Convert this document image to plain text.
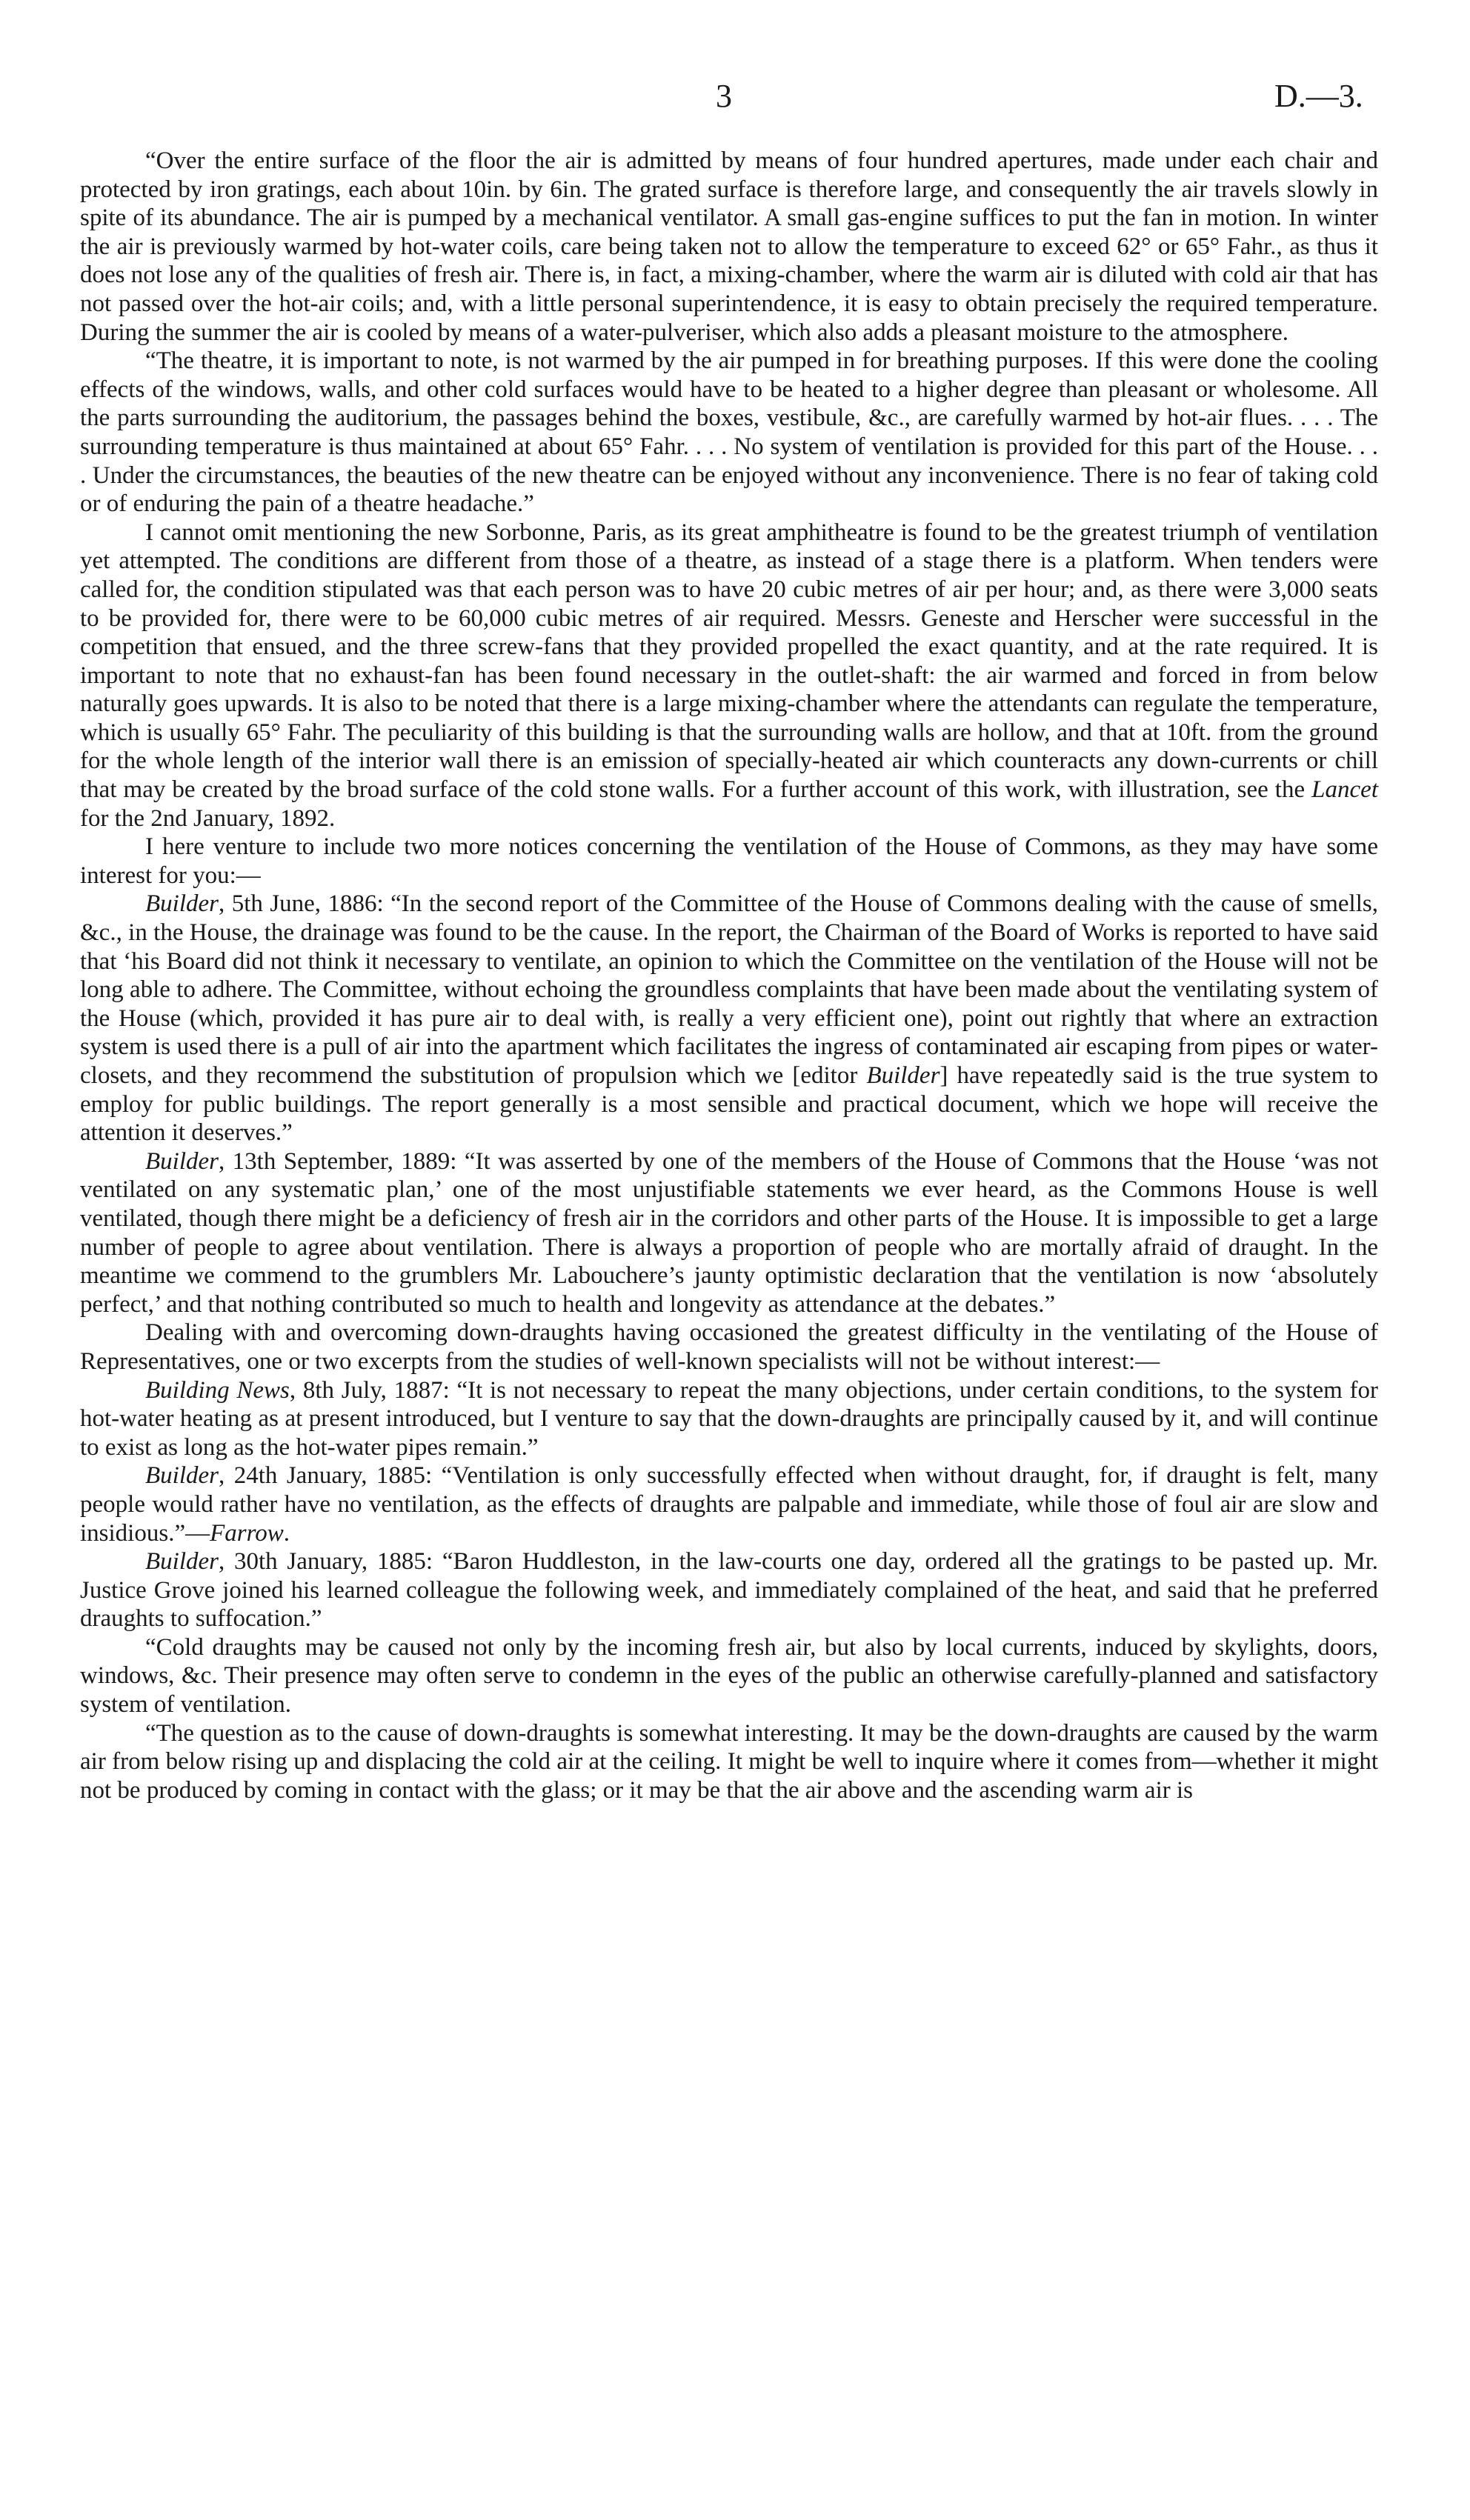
3	D.—3.

“Over the entire surface of the floor the air is admitted by means of four hundred apertures, made under each chair and protected by iron gratings, each about 10in. by 6in. The grated surface is therefore large, and consequently the air travels slowly in spite of its abundance. The air is pumped by a mechanical ventilator. A small gas-engine suffices to put the fan in motion. In winter the air is previously warmed by hot-water coils, care being taken not to allow the temperature to exceed 62° or 65° Fahr., as thus it does not lose any of the qualities of fresh air. There is, in fact, a mixing-chamber, where the warm air is diluted with cold air that has not passed over the hot-air coils; and, with a little personal superintendence, it is easy to obtain precisely the required temperature. During the summer the air is cooled by means of a water-pulveriser, which also adds a pleasant moisture to the atmosphere.

“The theatre, it is important to note, is not warmed by the air pumped in for breathing purposes. If this were done the cooling effects of the windows, walls, and other cold surfaces would have to be heated to a higher degree than pleasant or wholesome. All the parts surrounding the auditorium, the passages behind the boxes, vestibule, &c., are carefully warmed by hot-air flues. . . . The surrounding temperature is thus maintained at about 65° Fahr. . . . No system of ventilation is provided for this part of the House. . . . Under the circumstances, the beauties of the new theatre can be enjoyed without any inconvenience. There is no fear of taking cold or of enduring the pain of a theatre headache.”

I cannot omit mentioning the new Sorbonne, Paris, as its great amphitheatre is found to be the greatest triumph of ventilation yet attempted. The conditions are different from those of a theatre, as instead of a stage there is a platform. When tenders were called for, the condition stipulated was that each person was to have 20 cubic metres of air per hour; and, as there were 3,000 seats to be provided for, there were to be 60,000 cubic metres of air required. Messrs. Geneste and Herscher were successful in the competition that ensued, and the three screw-fans that they provided propelled the exact quantity, and at the rate required. It is important to note that no exhaust-fan has been found necessary in the outlet-shaft: the air warmed and forced in from below naturally goes upwards. It is also to be noted that there is a large mixing-chamber where the attendants can regulate the temperature, which is usually 65° Fahr. The peculiarity of this building is that the surrounding walls are hollow, and that at 10ft. from the ground for the whole length of the interior wall there is an emission of specially-heated air which counteracts any down-currents or chill that may be created by the broad surface of the cold stone walls. For a further account of this work, with illustration, see the Lancet for the 2nd January, 1892.

I here venture to include two more notices concerning the ventilation of the House of Commons, as they may have some interest for you:—

Builder, 5th June, 1886: “In the second report of the Committee of the House of Commons dealing with the cause of smells, &c., in the House, the drainage was found to be the cause. In the report, the Chairman of the Board of Works is reported to have said that ‘his Board did not think it necessary to ventilate, an opinion to which the Committee on the ventilation of the House will not be long able to adhere. The Committee, without echoing the groundless complaints that have been made about the ventilating system of the House (which, provided it has pure air to deal with, is really a very efficient one), point out rightly that where an extraction system is used there is a pull of air into the apartment which facilitates the ingress of contaminated air escaping from pipes or water-closets, and they recommend the substitution of propulsion which we [editor Builder] have repeatedly said is the true system to employ for public buildings. The report generally is a most sensible and practical document, which we hope will receive the attention it deserves.”

Builder, 13th September, 1889: “It was asserted by one of the members of the House of Commons that the House ‘was not ventilated on any systematic plan,’ one of the most unjustifiable statements we ever heard, as the Commons House is well ventilated, though there might be a deficiency of fresh air in the corridors and other parts of the House. It is impossible to get a large number of people to agree about ventilation. There is always a proportion of people who are mortally afraid of draught. In the meantime we commend to the grumblers Mr. Labouchere’s jaunty optimistic declaration that the ventilation is now ‘absolutely perfect,’ and that nothing contributed so much to health and longevity as attendance at the debates.”

Dealing with and overcoming down-draughts having occasioned the greatest difficulty in the ventilating of the House of Representatives, one or two excerpts from the studies of well-known specialists will not be without interest:—

Building News, 8th July, 1887: “It is not necessary to repeat the many objections, under certain conditions, to the system for hot-water heating as at present introduced, but I venture to say that the down-draughts are principally caused by it, and will continue to exist as long as the hot-water pipes remain.”

Builder, 24th January, 1885: “Ventilation is only successfully effected when without draught, for, if draught is felt, many people would rather have no ventilation, as the effects of draughts are palpable and immediate, while those of foul air are slow and insidious.”—Farrow.

Builder, 30th January, 1885: “Baron Huddleston, in the law-courts one day, ordered all the gratings to be pasted up. Mr. Justice Grove joined his learned colleague the following week, and immediately complained of the heat, and said that he preferred draughts to suffocation.”

“Cold draughts may be caused not only by the incoming fresh air, but also by local currents, induced by skylights, doors, windows, &c. Their presence may often serve to condemn in the eyes of the public an otherwise carefully-planned and satisfactory system of ventilation.

“The question as to the cause of down-draughts is somewhat interesting. It may be the down-draughts are caused by the warm air from below rising up and displacing the cold air at the ceiling. It might be well to inquire where it comes from—whether it might not be produced by coming in contact with the glass; or it may be that the air above and the ascending warm air is
